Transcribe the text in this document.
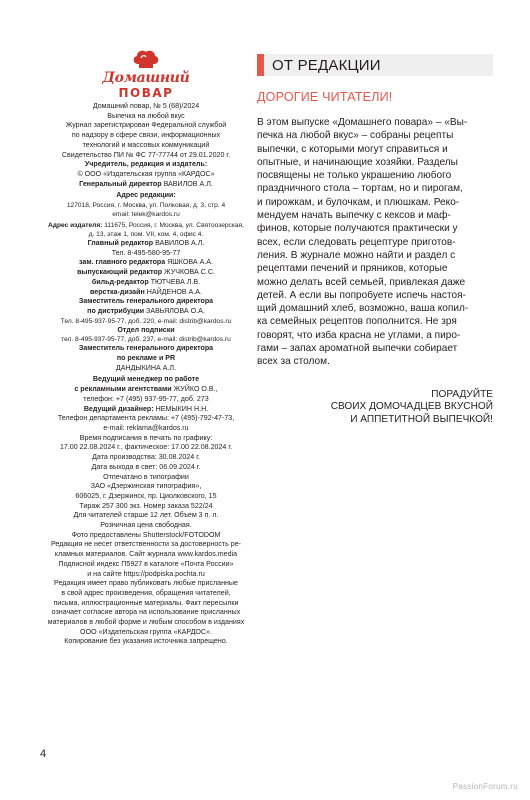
Домашний
ПОВАР

Домашний повар, № 5 (68)/2024

Выпечка на любой вкус

Журнал зарегистрирован Федеральной службой

по надзору в сфере связи, информационных

технологий и массовых коммуникаций

Свидетельство ПИ № ФС 77-77744 от 29.01.2020 г.

Учредитель, редакция и издатель:

© ООО «Издательская группа «КАРДОС»

Генеральный директор ВАВИЛОВ А.Л.

Адрес редакции:

127018, Россия, г. Москва, ул. Полковая, д. 3, стр. 4

email: telek@kardos.ru

Адрес издателя: 111675, Россия, г. Москва, ул. Святоозерская,

д. 13, этаж 1, пом. VII, ком. 4, офис 4.

Главный редактор ВАВИЛОВ А.Л.

Тел. 8-495-580-95-77

зам. главного редактора ЯШКОВА А.А.

выпускающий редактор ЖУЧКОВА С.С.

бильд-редактор ТЮТЧЕВА Л.В.

верстка-дизайн НАЙДЕНОВ А.А.

Заместитель генерального директора

по дистрибуции ЗАВЬЯЛОВА О.А.

Тел. 8-495-937-95-77, доб. 220, e-mail: distrib@kardos.ru

Отдел подписки

тел. 8-495-937-95-77, доб. 237, e-mail: distrib@kardos.ru

Заместитель генерального директора

по рекламе и PR

ДАНДЫКИНА А.Л.

Ведущий менеджер по работе

с рекламными агентствами ЖУЙКО О.В.,

телефон: +7 (495) 937-95-77, доб. 273

Ведущий дизайнер: НЕМЫКИН Н.Н.

Телефон департамента рекламы: +7 (495)-792-47-73,

e-mail: reklama@kardos.ru

Время подписания в печать по графику:

17.00 22.08.2024 г., фактическое: 17.00 22.08.2024 г.

Дата производства: 30.08.2024 г.

Дата выхода в свет: 06.09.2024 г.

Отпечатано в типографии

ЗАО «Дзержинская типография»,

606025, г. Дзержинск, пр. Циолковского, 15

Тираж 257 300 экз. Номер заказа 522/24

Для читателей старше 12 лет. Объем 3 п. л.

Розничная цена свободная.

Фото предоставлены Shutterstock/FOTODOM

Редакция не несет ответственности за достоверность ре-

кламных материалов. Сайт журнала www.kardos.media

Подписной индекс П5927 в каталоге «Почта России»

и на сайте https://podpiska.pochta.ru

Редакция имеет право публиковать любые присланные

в свой адрес произведения, обращения читателей,

письма, иллюстрационные материалы. Факт пересылки

означает согласие автора на использование присланных

материалов в любой форме и любым способом в изданиях

ООО «Издательская группа «КАРДОС».

Копирование без указания источника запрещено.

ОТ РЕДАКЦИИ
ДОРОГИЕ ЧИТАТЕЛИ!
В этом выпуске «Домашнего повара» – «Вы-
печка на любой вкус» – собраны рецепты
выпечки, с которыми могут справиться и
опытные, и начинающие хозяйки. Разделы
посвящены не только украшению любого
праздничного стола – тортам, но и пирогам,
и пирожкам, и булочкам, и плюшкам. Реко-
мендуем начать выпечку с кексов и маф-
финов, которые получаются практически у
всех, если следовать рецептуре приготов-
ления. В журнале можно найти и раздел с
рецептами печений и пряников, которые
можно делать всей семьей, привлекая даже
детей. А если вы попробуете испечь настоя-
щий домашний хлеб, возможно, ваша копил-
ка семейных рецептов пополнится. Не зря
говорят, что изба красна не углами, а пиро-
гами – запах ароматной выпечки собирает
всех за столом.
ПОРАДУЙТЕ
СВОИХ ДОМОЧАДЦЕВ ВКУСНОЙ
И АППЕТИТНОЙ ВЫПЕЧКОЙ!
4
PassionForum.ru
